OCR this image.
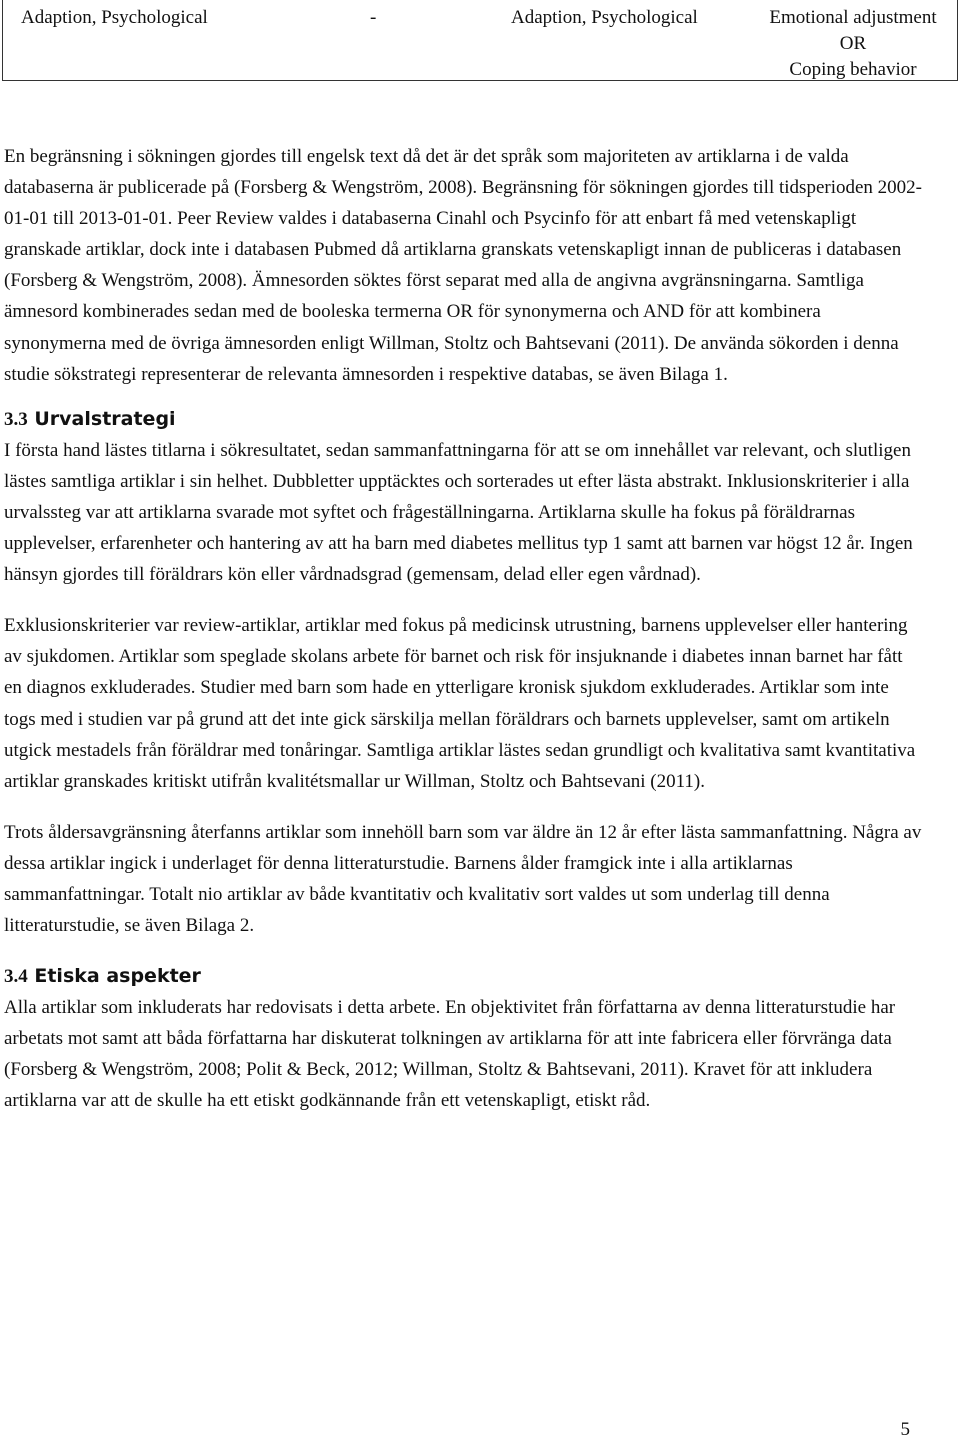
Adaption, Psychological	-	Adaption, Psychological	Emotional adjustment
OR
Coping behavior

En begränsning i sökningen gjordes till engelsk text då det är det språk som majoriteten av artiklarna i de valda databaserna är publicerade på (Forsberg & Wengström, 2008). Begränsning för sökningen gjordes till tidsperioden 2002-01-01 till 2013-01-01. Peer Review valdes i databaserna Cinahl och Psycinfo för att enbart få med vetenskapligt granskade artiklar, dock inte i databasen Pubmed då artiklarna granskats vetenskapligt innan de publiceras i databasen (Forsberg & Wengström, 2008). Ämnesorden söktes först separat med alla de angivna avgränsningarna. Samtliga ämnesord kombinerades sedan med de booleska termerna OR för synonymerna och AND för att kombinera synonymerna med de övriga ämnesorden enligt Willman, Stoltz och Bahtsevani (2011). De använda sökorden i denna studie sökstrategi representerar de relevanta ämnesorden i respektive databas, se även Bilaga 1.

3.3 Urvalstrategi

I första hand lästes titlarna i sökresultatet, sedan sammanfattningarna för att se om innehållet var relevant, och slutligen lästes samtliga artiklar i sin helhet. Dubbletter upptäcktes och sorterades ut efter lästa abstrakt. Inklusionskriterier i alla urvalssteg var att artiklarna svarade mot syftet och frågeställningarna. Artiklarna skulle ha fokus på föräldrarnas upplevelser, erfarenheter och hantering av att ha barn med diabetes mellitus typ 1 samt att barnen var högst 12 år. Ingen hänsyn gjordes till föräldrars kön eller vårdnadsgrad (gemensam, delad eller egen vårdnad).

Exklusionskriterier var review-artiklar, artiklar med fokus på medicinsk utrustning, barnens upplevelser eller hantering av sjukdomen. Artiklar som speglade skolans arbete för barnet och risk för insjuknande i diabetes innan barnet har fått en diagnos exkluderades. Studier med barn som hade en ytterligare kronisk sjukdom exkluderades. Artiklar som inte togs med i studien var på grund att det inte gick särskilja mellan föräldrars och barnets upplevelser, samt om artikeln utgick mestadels från föräldrar med tonåringar. Samtliga artiklar lästes sedan grundligt och kvalitativa samt kvantitativa artiklar granskades kritiskt utifrån kvalitétsmallar ur Willman, Stoltz och Bahtsevani (2011).

Trots åldersavgränsning återfanns artiklar som innehöll barn som var äldre än 12 år efter lästa sammanfattning. Några av dessa artiklar ingick i underlaget för denna litteraturstudie. Barnens ålder framgick inte i alla artiklarnas sammanfattningar. Totalt nio artiklar av både kvantitativ och kvalitativ sort valdes ut som underlag till denna litteraturstudie, se även Bilaga 2.

3.4 Etiska aspekter

Alla artiklar som inkluderats har redovisats i detta arbete. En objektivitet från författarna av denna litteraturstudie har arbetats mot samt att båda författarna har diskuterat tolkningen av artiklarna för att inte fabricera eller förvränga data (Forsberg & Wengström, 2008; Polit & Beck, 2012; Willman, Stoltz & Bahtsevani, 2011). Kravet för att inkludera artiklarna var att de skulle ha ett etiskt godkännande från ett vetenskapligt, etiskt råd.

5
